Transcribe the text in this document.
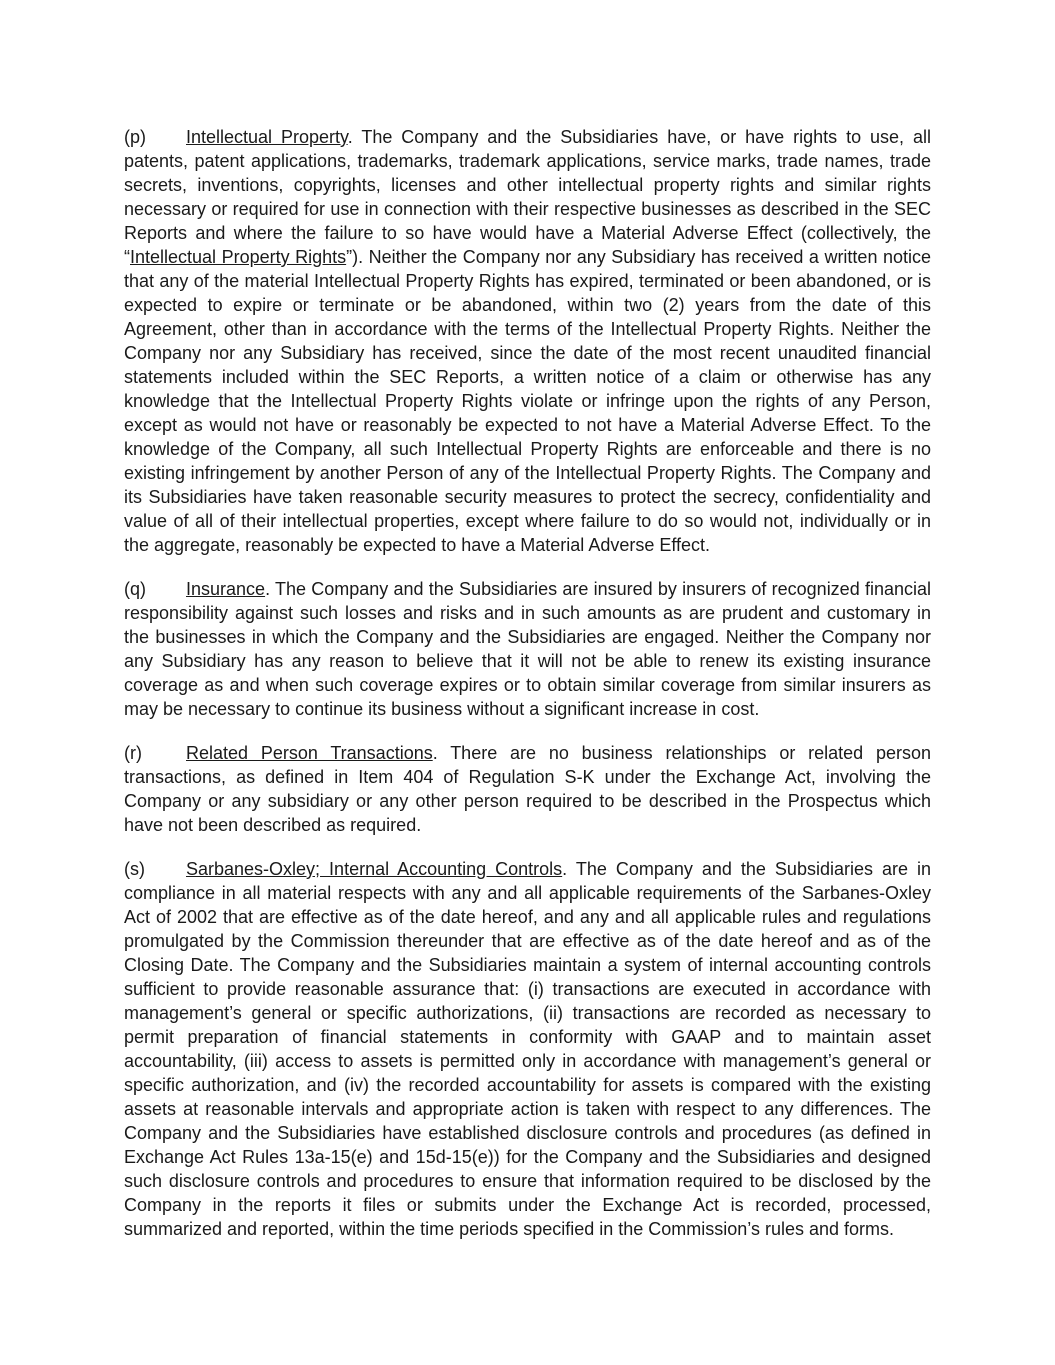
(p) Intellectual Property. The Company and the Subsidiaries have, or have rights to use, all patents, patent applications, trademarks, trademark applications, service marks, trade names, trade secrets, inventions, copyrights, licenses and other intellectual property rights and similar rights necessary or required for use in connection with their respective businesses as described in the SEC Reports and where the failure to so have would have a Material Adverse Effect (collectively, the “Intellectual Property Rights”). Neither the Company nor any Subsidiary has received a written notice that any of the material Intellectual Property Rights has expired, terminated or been abandoned, or is expected to expire or terminate or be abandoned, within two (2) years from the date of this Agreement, other than in accordance with the terms of the Intellectual Property Rights. Neither the Company nor any Subsidiary has received, since the date of the most recent unaudited financial statements included within the SEC Reports, a written notice of a claim or otherwise has any knowledge that the Intellectual Property Rights violate or infringe upon the rights of any Person, except as would not have or reasonably be expected to not have a Material Adverse Effect. To the knowledge of the Company, all such Intellectual Property Rights are enforceable and there is no existing infringement by another Person of any of the Intellectual Property Rights. The Company and its Subsidiaries have taken reasonable security measures to protect the secrecy, confidentiality and value of all of their intellectual properties, except where failure to do so would not, individually or in the aggregate, reasonably be expected to have a Material Adverse Effect.

(q) Insurance. The Company and the Subsidiaries are insured by insurers of recognized financial responsibility against such losses and risks and in such amounts as are prudent and customary in the businesses in which the Company and the Subsidiaries are engaged. Neither the Company nor any Subsidiary has any reason to believe that it will not be able to renew its existing insurance coverage as and when such coverage expires or to obtain similar coverage from similar insurers as may be necessary to continue its business without a significant increase in cost.

(r) Related Person Transactions. There are no business relationships or related person transactions, as defined in Item 404 of Regulation S-K under the Exchange Act, involving the Company or any subsidiary or any other person required to be described in the Prospectus which have not been described as required.

(s) Sarbanes-Oxley; Internal Accounting Controls. The Company and the Subsidiaries are in compliance in all material respects with any and all applicable requirements of the Sarbanes-Oxley Act of 2002 that are effective as of the date hereof, and any and all applicable rules and regulations promulgated by the Commission thereunder that are effective as of the date hereof and as of the Closing Date. The Company and the Subsidiaries maintain a system of internal accounting controls sufficient to provide reasonable assurance that: (i) transactions are executed in accordance with management’s general or specific authorizations, (ii) transactions are recorded as necessary to permit preparation of financial statements in conformity with GAAP and to maintain asset accountability, (iii) access to assets is permitted only in accordance with management’s general or specific authorization, and (iv) the recorded accountability for assets is compared with the existing assets at reasonable intervals and appropriate action is taken with respect to any differences. The Company and the Subsidiaries have established disclosure controls and procedures (as defined in Exchange Act Rules 13a-15(e) and 15d-15(e)) for the Company and the Subsidiaries and designed such disclosure controls and procedures to ensure that information required to be disclosed by the Company in the reports it files or submits under the Exchange Act is recorded, processed, summarized and reported, within the time periods specified in the Commission’s rules and forms.
